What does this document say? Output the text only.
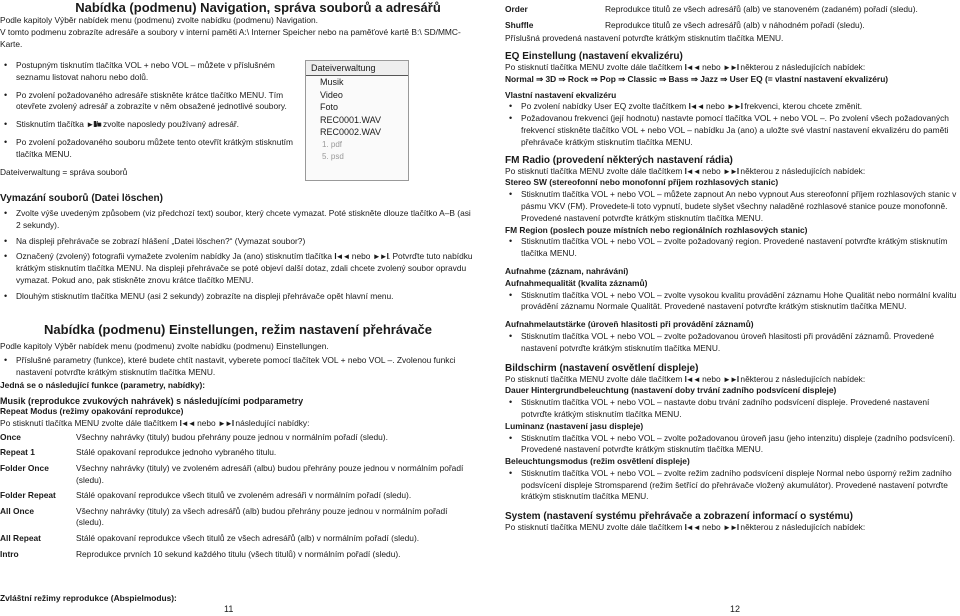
Nabídka (podmenu) Navigation, správa souborů a adresářů

Podle kapitoly Výběr nabídek menu (podmenu) zvolte nabídku (podmenu) Navigation.

V tomto podmenu zobrazíte adresáře a soubory v interní paměti A:\ Interner Speicher nebo na paměťové kartě B:\ SD/MMC-Karte.

• Postupným tisknutím tlačítka VOL + nebo VOL – můžete v příslušném seznamu listovat nahoru nebo dolů.
• Po zvolení požadovaného adresáře stiskněte krátce tlačítko MENU. Tím otevřete zvolený adresář a zobrazíte v něm obsažené jednotlivé soubory.
• Stisknutím tlačítka ►II/■ zvolte naposledy používaný adresář.
• Po zvolení požadovaného souboru můžete tento otevřít krátkým stisknutím tlačítka MENU.

Dateiverwaltung = správa souborů

Dateiverwaltung
Musik
Video
Foto
REC0001.WAV
REC0002.WAV
1. pdf
5. psd

Vymazání souborů (Datei löschen)

• Zvolte výše uvedeným způsobem (viz předchozí text) soubor, který chcete vymazat. Poté stiskněte dlouze tlačítko A–B (asi 2 sekundy).
• Na displeji přehrávače se zobrazí hlášení „Datei löschen?“ (Vymazat soubor?)
• Označený (zvolený) fotografii vymažete zvolením nabídky Ja (ano) stisknutím tlačítka I◄◄ nebo ►►I. Potvrďte tuto nabídku krátkým stisknutím tlačítka MENU. Na displeji přehrávače se poté objeví další dotaz, zdali chcete zvolený soubor opravdu vymazat. Pokud ano, pak stiskněte znovu krátce tlačítko MENU.
• Dlouhým stisknutím tlačítka MENU (asi 2 sekundy) zobrazíte na displeji přehrávače opět hlavní menu.

Nabídka (podmenu) Einstellungen, režim nastavení přehrávače

Podle kapitoly Výběr nabídek menu (podmenu) zvolte nabídku (podmenu) Einstellungen.

• Příslušné parametry (funkce), které budete chtít nastavit, vyberete pomocí tlačítek VOL + nebo VOL –. Zvolenou funkci nastavení potvrďte krátkým stisknutím tlačítka MENU.

Jedná se o následující funkce (parametry, nabídky):

Musik (reprodukce zvukových nahrávek) s následujícími podparametry

Repeat Modus (režimy opakování reprodukce)

Po stisknutí tlačítka MENU zvolte dále tlačítkem I◄◄ nebo ►►I následující nabídky:

Once	Všechny nahrávky (tituly) budou přehrány pouze jednou v normálním pořadí (sledu).
Repeat 1	Stálé opakovaní reprodukce jednoho vybraného titulu.
Folder Once	Všechny nahrávky (tituly) ve zvoleném adresáři (albu) budou přehrány pouze jednou v normálním pořadí (sledu).
Folder Repeat	Stálé opakovaní reprodukce všech titulů ve zvoleném adresáři v normálním pořadí (sledu).
All Once	Všechny nahrávky (tituly) za všech adresářů (alb) budou přehrány pouze jednou v normálním pořadí (sledu).
All Repeat	Stálé opakovaní reprodukce všech titulů ze všech adresářů (alb) v normálním pořadí (sledu).
Intro	Reprodukce prvních 10 sekund každého titulu (všech titulů) v normálním pořadí (sledu).

Zvláštní režimy reprodukce (Abspielmodus):

11
Order	Reprodukce titulů ze všech adresářů (alb) ve stanoveném (zadaném) pořadí (sledu).
Shuffle	Reprodukce titulů ze všech adresářů (alb) v náhodném pořadí (sledu).

Příslušná provedená nastavení potvrďte krátkým stisknutím tlačítka MENU.

EQ Einstellung (nastavení ekvalizéru)

Po stisknutí tlačítka MENU zvolte dále tlačítkem I◄◄ nebo ►►I některou z následujících nabídek:

Normal ⇒ 3D ⇒ Rock ⇒ Pop ⇒ Classic ⇒ Bass ⇒ Jazz ⇒ User EQ (= vlastní nastavení ekvalizéru)

Vlastní nastavení ekvalizéru

• Po zvolení nabídky User EQ zvolte tlačítkem I◄◄ nebo ►►I frekvenci, kterou chcete změnit.
• Požadovanou frekvenci (její hodnotu) nastavte pomocí tlačítka VOL + nebo VOL –. Po zvolení všech požadovaných frekvencí stiskněte tlačítko VOL + nebo VOL – nabídku Ja (ano) a uložte své vlastní nastavení ekvalizéru do paměti přehrávače krátkým stisknutím tlačítka MENU.

FM Radio (provedení některých nastavení rádia)

Po stisknutí tlačítka MENU zvolte dále tlačítkem I◄◄ nebo ►►I některou z následujících nabídek:

Stereo SW (stereofonní nebo monofonní příjem rozhlasových stanic)

• Stisknutím tlačítka VOL + nebo VOL – můžete zapnout An nebo vypnout Aus stereofonní příjem rozhlasových stanic v pásmu VKV (FM). Provedete-li toto vypnutí, budete slyšet všechny naladěné rozhlasové stanice pouze monofonně. Provedené nastavení potvrďte krátkým stisknutím tlačítka MENU.

FM Region (poslech pouze místních nebo regionálních rozhlasových stanic)

• Stisknutím tlačítka VOL + nebo VOL – zvolte požadovaný region. Provedené nastavení potvrďte krátkým stisknutím tlačítka MENU.

Aufnahme (záznam, nahrávání)

Aufnahmequalität (kvalita záznamů)

• Stisknutím tlačítka VOL + nebo VOL – zvolte vysokou kvalitu provádění záznamu Hohe Qualität nebo normální kvalitu provádění záznamu Normale Qualität. Provedené nastavení potvrďte krátkým stisknutím tlačítka MENU.

Aufnahmelautstärke (úroveň hlasitosti při provádění záznamů)

• Stisknutím tlačítka VOL + nebo VOL – zvolte požadovanou úroveň hlasitosti při provádění záznamů. Provedené nastavení potvrďte krátkým stisknutím tlačítka MENU.

Bildschirm (nastavení osvětlení displeje)

Po stisknutí tlačítka MENU zvolte dále tlačítkem I◄◄ nebo ►►I některou z následujících nabídek:

Dauer Hintergrundbeleuchtung (nastavení doby trvání zadního podsvícení displeje)

• Stisknutím tlačítka VOL + nebo VOL – nastavte dobu trvání zadního podsvícení displeje. Provedené nastavení potvrďte krátkým stisknutím tlačítka MENU.

Luminanz (nastavení jasu displeje)

• Stisknutím tlačítka VOL + nebo VOL – zvolte požadovanou úroveň jasu (jeho intenzitu) displeje (zadního podsvícení). Provedené nastavení potvrďte krátkým stisknutím tlačítka MENU.

Beleuchtungsmodus (režim osvětlení displeje)

• Stisknutím tlačítka VOL + nebo VOL – zvolte režim zadního podsvícení displeje Normal nebo úsporný režim zadního podsvícení displeje Stromsparend (režim šetřící do přehrávače vložený akumulátor). Provedené nastavení potvrďte krátkým stisknutím tlačítka MENU.

System (nastavení systému přehrávače a zobrazení informací o systému)

Po stisknutí tlačítka MENU zvolte dále tlačítkem I◄◄ nebo ►►I některou z následujících nabídek:

12
